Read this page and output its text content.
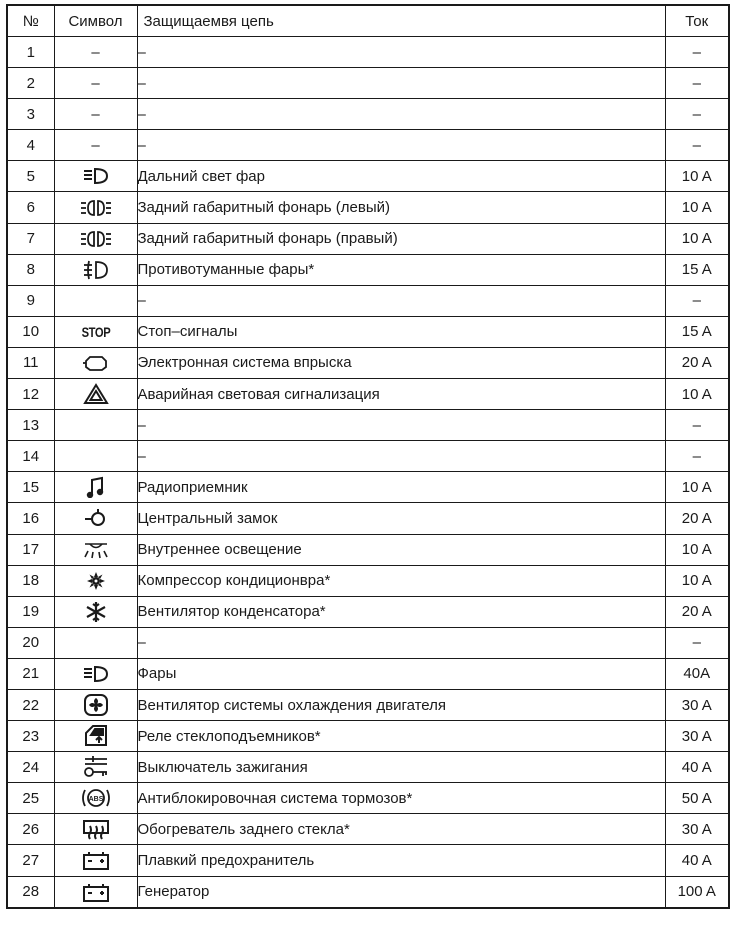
№	Символ	Защищаемвя цепь	Ток
1	–	–	–
2	–	–	–
3	–	–	–
4	–	–	–
5		Дальний свет фар	10 A
6		Задний габаритный фонарь (левый)	10 A
7		Задний габаритный фонарь (правый)	10 A
8		Противотуманные фары*	15 A
9		–	–
10	STOP	Стоп–сигналы	15 A
11		Электронная система впрыска	20 A
12		Аварийная световая сигнализация	10 A
13		–	–
14		–	–
15		Радиоприемник	10 A
16		Центральный замок	20 A
17		Внутреннее освещение	10 A
18		Компрессор кондиционвра*	10 A
19		Вентилятор конденсатора*	20 A
20		–	–
21		Фары	40A
22		Вентилятор системы охлаждения двигателя	30 A
23		Реле стеклоподъемников*	30 A
24		Выключатель зажигания	40 A
25	ABS	Антиблокировочная система тормозов*	50 A
26		Обогреватель заднего стекла*	30 A
27		Плавкий предохранитель	40 A
28		Генератор	100 A
